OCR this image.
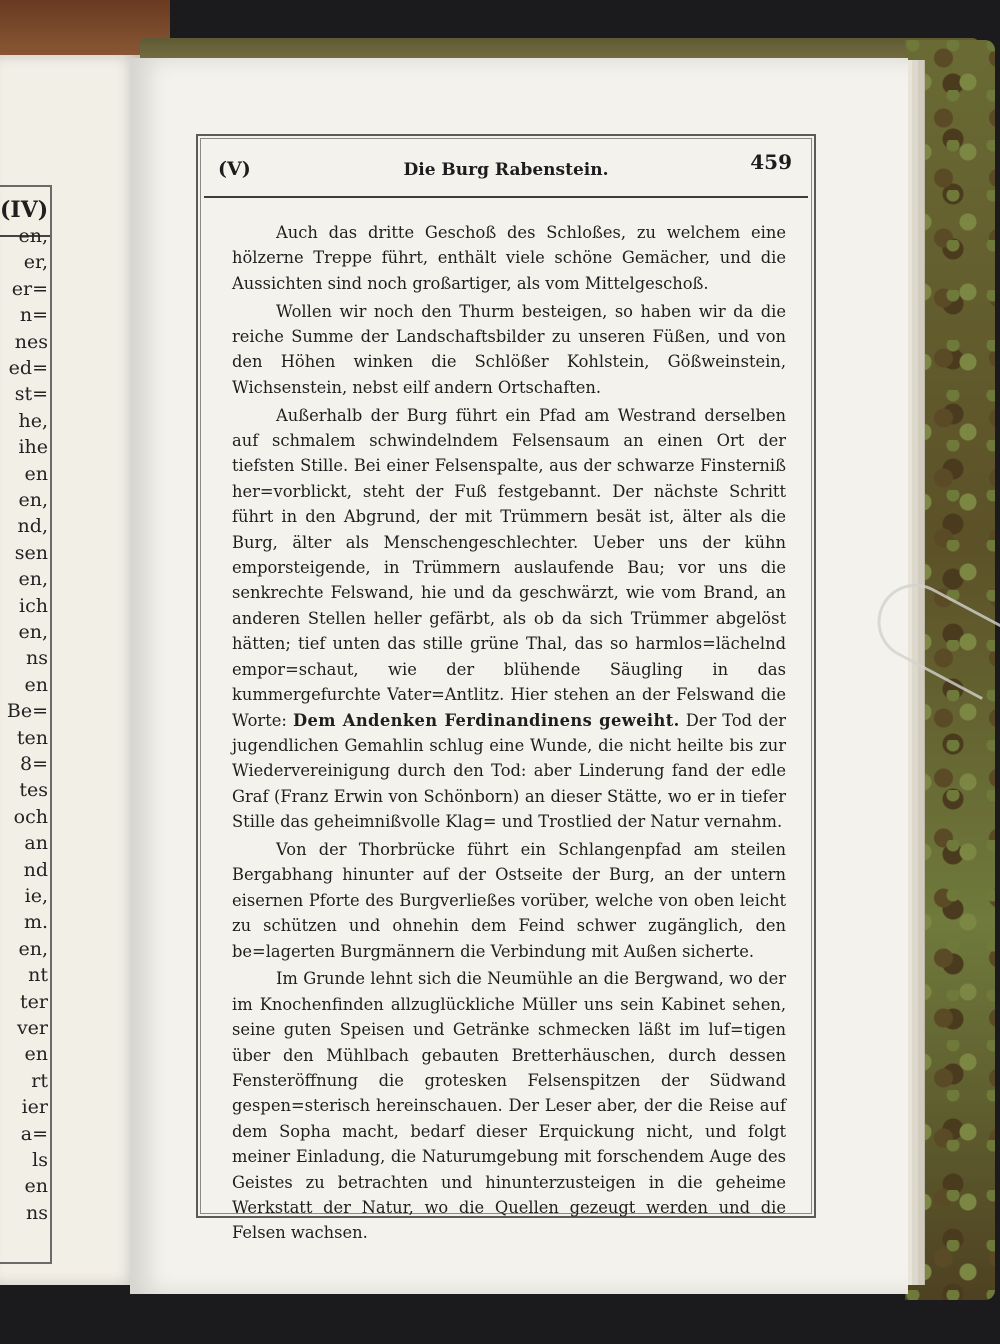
(IV)
en,
er,
er=
n=
nes
ed=
st=
he,
ihe
en
en,
nd,
sen
en,
ich
en,
ns
en
Be=
ten
8=
tes
och
an
nd
ie,
m.
en,
nt
ter
ver
en
rt
ier
a=
ls
en
ns
(V)	Die Burg Rabenstein.	459

Auch das dritte Geschoß des Schloßes, zu welchem eine hölzerne Treppe führt, enthält viele schöne Gemächer, und die Aussichten sind noch großartiger, als vom Mittelgeschoß.

Wollen wir noch den Thurm besteigen, so haben wir da die reiche Summe der Landschaftsbilder zu unseren Füßen, und von den Höhen winken die Schlößer Kohlstein, Gößweinstein, Wichsenstein, nebst eilf andern Ortschaften.

Außerhalb der Burg führt ein Pfad am Westrand derselben auf schmalem schwindelndem Felsensaum an einen Ort der tiefsten Stille. Bei einer Felsenspalte, aus der schwarze Finsterniß her=vorblickt, steht der Fuß festgebannt. Der nächste Schritt führt in den Abgrund, der mit Trümmern besät ist, älter als die Burg, älter als Menschengeschlechter. Ueber uns der kühn emporsteigende, in Trümmern auslaufende Bau; vor uns die senkrechte Felswand, hie und da geschwärzt, wie vom Brand, an anderen Stellen heller gefärbt, als ob da sich Trümmer abgelöst hätten; tief unten das stille grüne Thal, das so harmlos=lächelnd empor=schaut, wie der blühende Säugling in das kummergefurchte Vater=Antlitz. Hier stehen an der Felswand die Worte: Dem Andenken Ferdinandinens geweiht. Der Tod der jugendlichen Gemahlin schlug eine Wunde, die nicht heilte bis zur Wiedervereinigung durch den Tod: aber Linderung fand der edle Graf (Franz Erwin von Schönborn) an dieser Stätte, wo er in tiefer Stille das geheimnißvolle Klag= und Trostlied der Natur vernahm.

Von der Thorbrücke führt ein Schlangenpfad am steilen Bergabhang hinunter auf der Ostseite der Burg, an der untern eisernen Pforte des Burgverließes vorüber, welche von oben leicht zu schützen und ohnehin dem Feind schwer zugänglich, den be=lagerten Burgmännern die Verbindung mit Außen sicherte.

Im Grunde lehnt sich die Neumühle an die Bergwand, wo der im Knochenfinden allzuglückliche Müller uns sein Kabinet sehen, seine guten Speisen und Getränke schmecken läßt im luf=tigen über den Mühlbach gebauten Bretterhäuschen, durch dessen Fensteröffnung die grotesken Felsenspitzen der Südwand gespen=sterisch hereinschauen. Der Leser aber, der die Reise auf dem Sopha macht, bedarf dieser Erquickung nicht, und folgt meiner Einladung, die Naturumgebung mit forschendem Auge des Geistes zu betrachten und hinunterzusteigen in die geheime Werkstatt der Natur, wo die Quellen gezeugt werden und die Felsen wachsen.
